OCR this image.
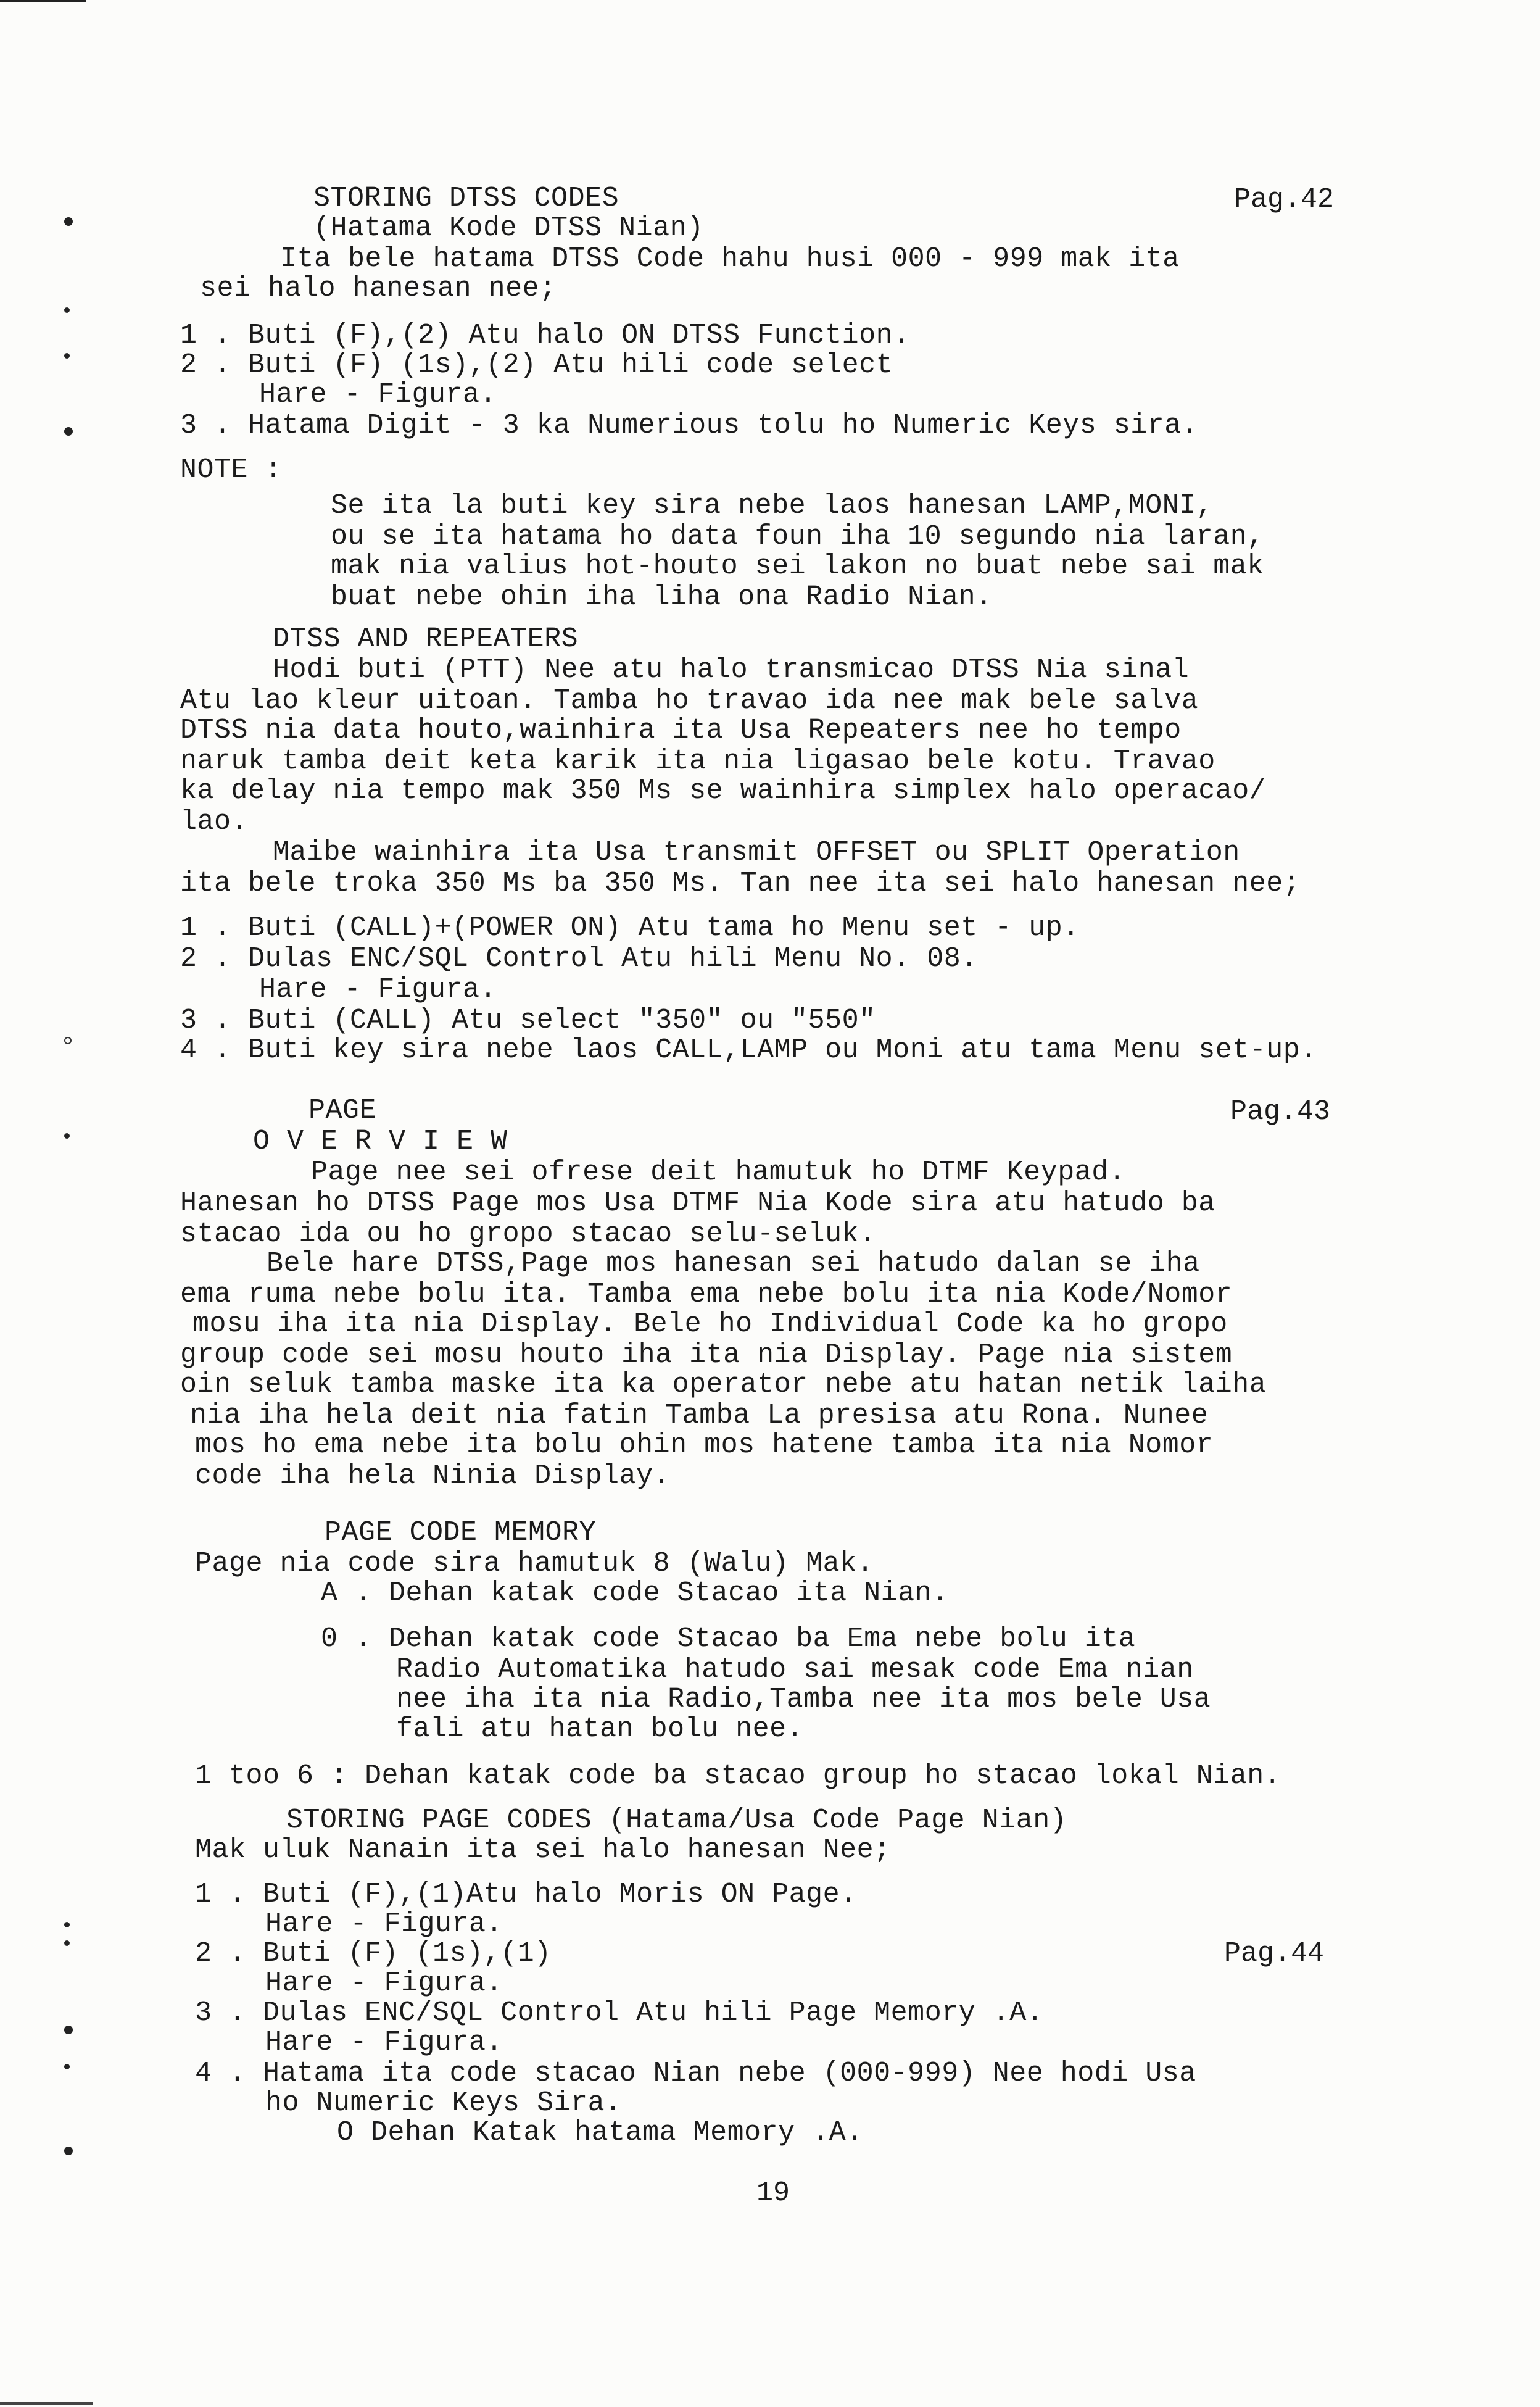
Pag.42
Pag.43
Pag.44
STORING DTSS CODES
(Hatama Kode DTSS Nian)
Ita bele hatama DTSS Code hahu husi 000 - 999 mak ita
sei halo hanesan nee;
1 . Buti (F),(2) Atu halo ON DTSS Function.
2 . Buti (F) (1s),(2) Atu hili code select
Hare - Figura.
3 . Hatama Digit - 3 ka Numerious tolu ho Numeric Keys sira.
NOTE :
Se ita la buti key sira nebe laos hanesan LAMP,MONI,
ou se ita hatama ho data foun iha 10 segundo nia laran,
mak nia valius hot-houto sei lakon no buat nebe sai mak
buat nebe ohin iha liha ona Radio Nian.
DTSS AND REPEATERS
Hodi buti (PTT) Nee atu halo transmicao DTSS Nia sinal
Atu lao kleur uitoan. Tamba ho travao ida nee mak bele salva
DTSS nia data houto,wainhira ita Usa Repeaters nee ho tempo
naruk tamba deit keta karik ita nia ligasao bele kotu. Travao
ka delay nia tempo mak 350 Ms se wainhira simplex halo operacao/
lao.
Maibe wainhira ita Usa transmit OFFSET ou SPLIT Operation
ita bele troka 350 Ms ba 350 Ms. Tan nee ita sei halo hanesan nee;
1 . Buti (CALL)+(POWER ON) Atu tama ho Menu set - up.
2 . Dulas ENC/SQL Control Atu hili Menu No. 08.
Hare - Figura.
3 . Buti (CALL) Atu select "350" ou "550"
4 . Buti key sira nebe laos CALL,LAMP ou Moni atu tama Menu set-up.
PAGE
O V E R V I E W
Page nee sei ofrese deit hamutuk ho DTMF Keypad.
Hanesan ho DTSS Page mos Usa DTMF Nia Kode sira atu hatudo ba
stacao ida ou ho gropo stacao selu-seluk.
Bele hare DTSS,Page mos hanesan sei hatudo dalan se iha
ema ruma nebe bolu ita. Tamba ema nebe bolu ita nia Kode/Nomor
mosu iha ita nia Display. Bele ho Individual Code ka ho gropo
group code sei mosu houto iha ita nia Display. Page nia sistem
oin seluk tamba maske ita ka operator nebe atu hatan netik laiha
nia iha hela deit nia fatin Tamba La presisa atu Rona. Nunee
mos ho ema nebe ita bolu ohin mos hatene tamba ita nia Nomor
code iha hela Ninia Display.
PAGE CODE MEMORY
Page nia code sira hamutuk 8 (Walu) Mak.
A . Dehan katak code Stacao ita Nian.
0 . Dehan katak code Stacao ba Ema nebe bolu ita
Radio Automatika hatudo sai mesak code Ema nian
nee iha ita nia Radio,Tamba nee ita mos bele Usa
fali atu hatan bolu nee.
1 too 6 : Dehan katak code ba stacao group ho stacao lokal Nian.
STORING PAGE CODES (Hatama/Usa Code Page Nian)
Mak uluk Nanain ita sei halo hanesan Nee;
1 . Buti (F),(1)Atu halo Moris ON Page.
Hare - Figura.
2 . Buti (F) (1s),(1)
Hare - Figura.
3 . Dulas ENC/SQL Control Atu hili Page Memory .A.
Hare - Figura.
4 . Hatama ita code stacao Nian nebe (000-999) Nee hodi Usa
ho Numeric Keys Sira.
O Dehan Katak hatama Memory .A.
19
